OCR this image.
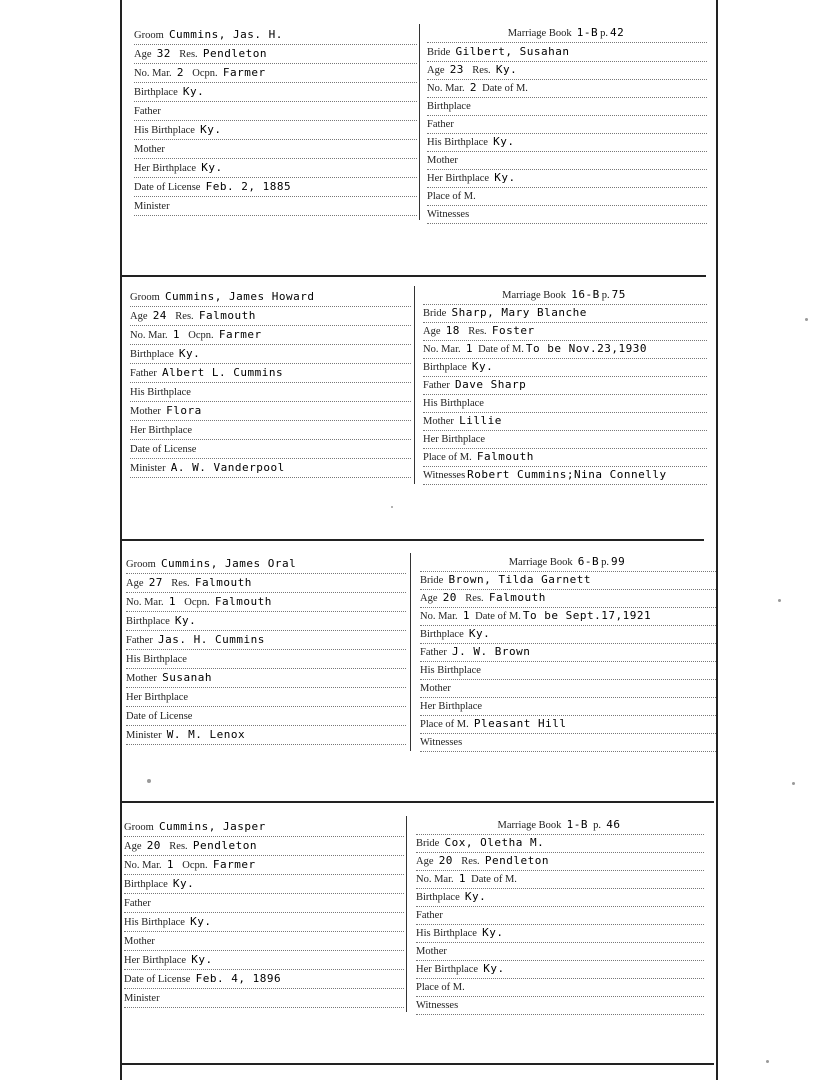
Groom Cummins, Jas. H.
Age 32 Res. Pendleton
No. Mar. 2 Ocpn. Farmer
Birthplace Ky.
Father
His Birthplace Ky.
Mother
Her Birthplace Ky.
Date of License Feb. 2, 1885
Minister
Marriage Book 1-B p. 42
Bride Gilbert, Susahan
Age 23 Res. Ky.
No. Mar. 2 Date of M.
Birthplace
Father
His Birthplace Ky.
Mother
Her Birthplace Ky.
Place of M.
Witnesses
Groom Cummins, James Howard
Age 24 Res. Falmouth
No. Mar. 1 Ocpn. Farmer
Birthplace Ky.
Father Albert L. Cummins
His Birthplace
Mother Flora
Her Birthplace
Date of License
Minister A. W. Vanderpool
Marriage Book 16-B p. 75
Bride Sharp, Mary Blanche
Age 18 Res. Foster
No. Mar. 1 Date of M. To be Nov.23,1930
Birthplace Ky.
Father Dave Sharp
His Birthplace
Mother Lillie
Her Birthplace
Place of M. Falmouth
Witnesses Robert Cummins;Nina Connelly
Groom Cummins, James Oral
Age 27 Res. Falmouth
No. Mar. 1 Ocpn. Falmouth
Birthplace Ky.
Father Jas. H. Cummins
His Birthplace
Mother Susanah
Her Birthplace
Date of License
Minister W. M. Lenox
Marriage Book 6-B p. 99
Bride Brown, Tilda Garnett
Age 20 Res. Falmouth
No. Mar. 1 Date of M. To be Sept.17,1921
Birthplace Ky.
Father J. W. Brown
His Birthplace
Mother
Her Birthplace
Place of M. Pleasant Hill
Witnesses
Groom Cummins, Jasper
Age 20 Res. Pendleton
No. Mar. 1 Ocpn. Farmer
Birthplace Ky.
Father
His Birthplace Ky.
Mother
Her Birthplace Ky.
Date of License Feb. 4, 1896
Minister
Marriage Book 1-B p. 46
Bride Cox, Oletha M.
Age 20 Res. Pendleton
No. Mar. 1 Date of M.
Birthplace Ky.
Father
His Birthplace Ky.
Mother
Her Birthplace Ky.
Place of M.
Witnesses
